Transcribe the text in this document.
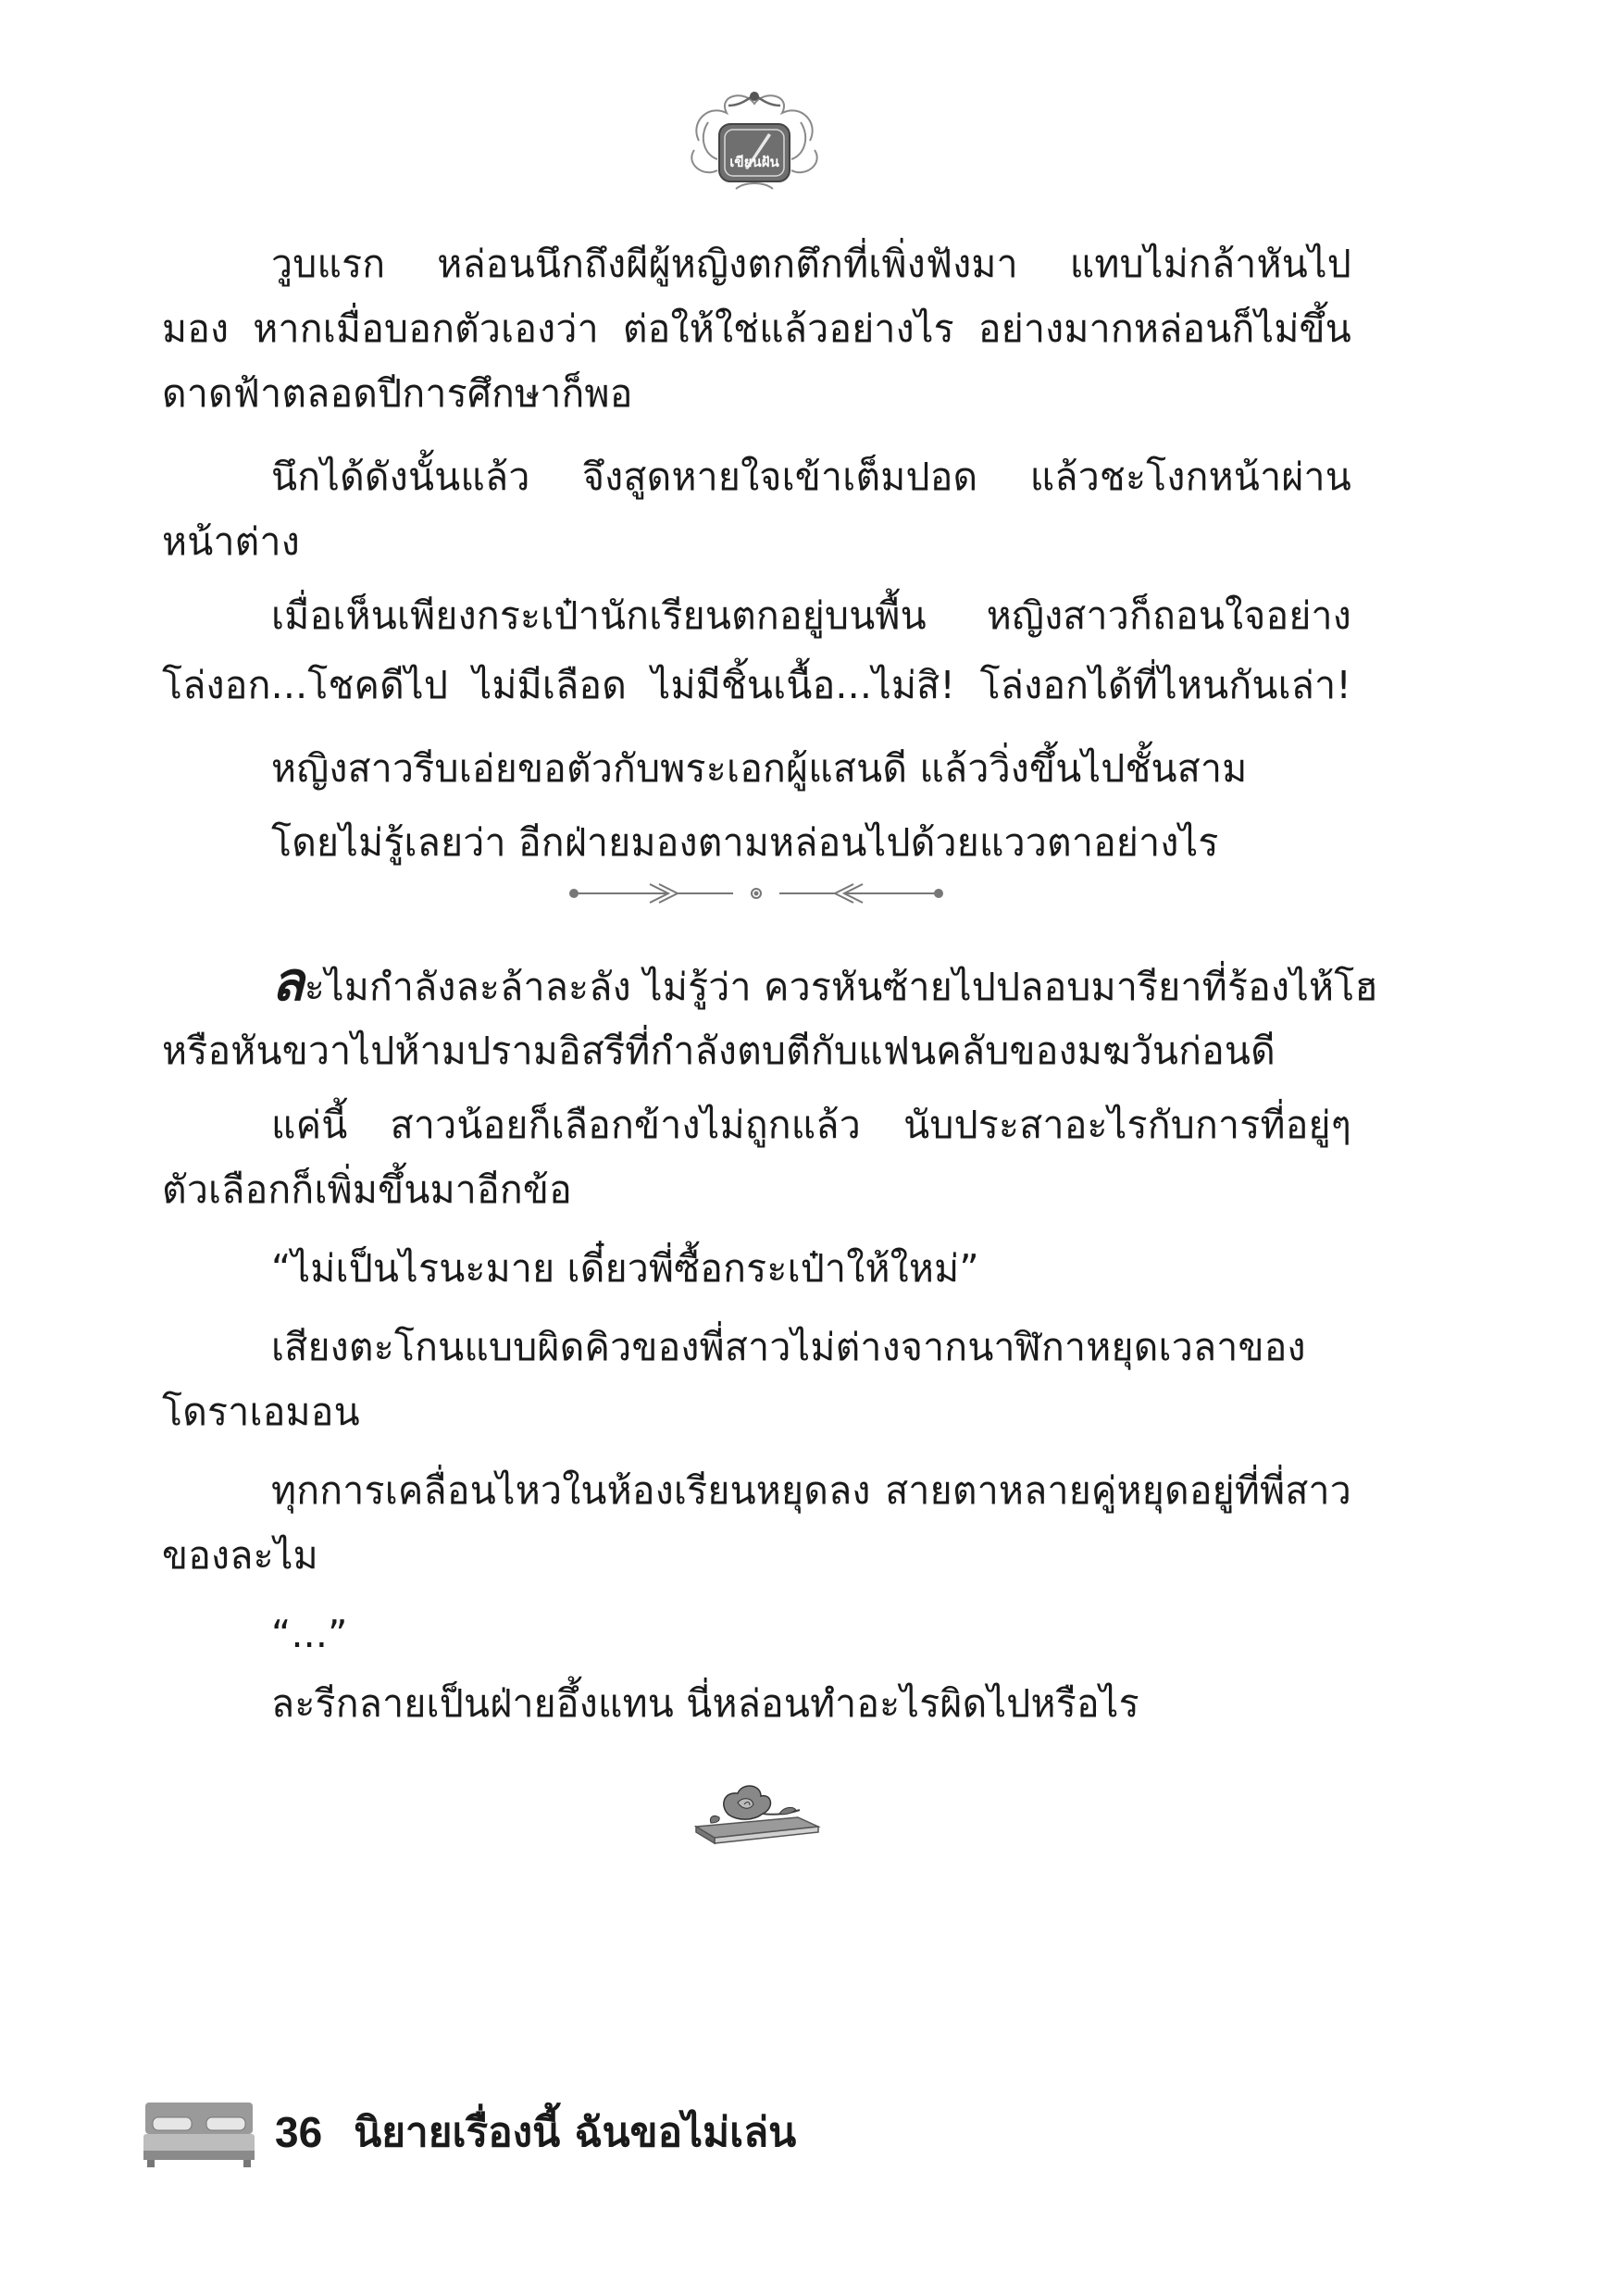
เขียนฝัน
วูบแรก หล่อนนึกถึงผีผู้หญิงตกตึกที่เพิ่งฟังมา แทบไม่กล้าหันไป
มอง หากเมื่อบอกตัวเองว่า ต่อให้ใช่แล้วอย่างไร อย่างมากหล่อนก็ไม่ขึ้น
ดาดฟ้าตลอดปีการศึกษาก็พอ
นึกได้ดังนั้นแล้ว จึงสูดหายใจเข้าเต็มปอด แล้วชะโงกหน้าผ่าน
หน้าต่าง
เมื่อเห็นเพียงกระเป๋านักเรียนตกอยู่บนพื้น หญิงสาวก็ถอนใจอย่าง
โล่งอก...โชคดีไป ไม่มีเลือด ไม่มีชิ้นเนื้อ...ไม่สิ! โล่งอกได้ที่ไหนกันเล่า!
หญิงสาวรีบเอ่ยขอตัวกับพระเอกผู้แสนดี แล้ววิ่งขึ้นไปชั้นสาม
โดยไม่รู้เลยว่า อีกฝ่ายมองตามหล่อนไปด้วยแววตาอย่างไร
ละไมกำลังละล้าละลัง ไม่รู้ว่า ควรหันซ้ายไปปลอบมารียาที่ร้องไห้โฮ
หรือหันขวาไปห้ามปรามอิสรีที่กำลังตบตีกับแฟนคลับของมฆวันก่อนดี
แค่นี้ สาวน้อยก็เลือกข้างไม่ถูกแล้ว นับประสาอะไรกับการที่อยู่ๆ
ตัวเลือกก็เพิ่มขึ้นมาอีกข้อ
“ไม่เป็นไรนะมาย เดี๋ยวพี่ซื้อกระเป๋าให้ใหม่”
เสียงตะโกนแบบผิดคิวของพี่สาวไม่ต่างจากนาฬิกาหยุดเวลาของ
โดราเอมอน
ทุกการเคลื่อนไหวในห้องเรียนหยุดลง สายตาหลายคู่หยุดอยู่ที่พี่สาว
ของละไม
“...”
ละรีกลายเป็นฝ่ายอึ้งแทน นี่หล่อนทำอะไรผิดไปหรือไร
36 นิยายเรื่องนี้ ฉันขอไม่เล่น
